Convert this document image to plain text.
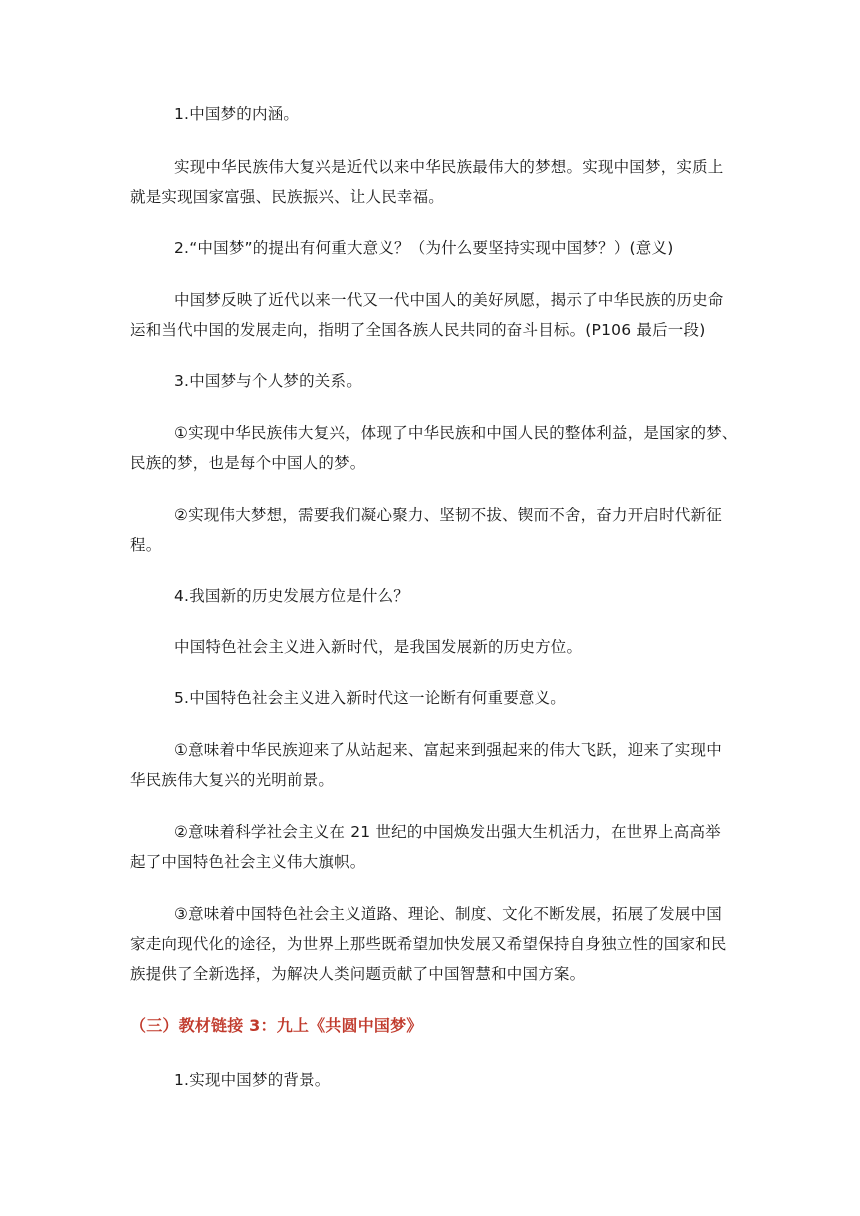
1.中国梦的内涵。
实现中华民族伟大复兴是近代以来中华民族最伟大的梦想。实现中国梦，实质上
就是实现国家富强、民族振兴、让人民幸福。
2.“中国梦”的提出有何重大意义？（为什么要坚持实现中国梦？）(意义)
中国梦反映了近代以来一代又一代中国人的美好夙愿，揭示了中华民族的历史命
运和当代中国的发展走向，指明了全国各族人民共同的奋斗目标。(P106 最后一段)
3.中国梦与个人梦的关系。
①实现中华民族伟大复兴，体现了中华民族和中国人民的整体利益，是国家的梦、
民族的梦，也是每个中国人的梦。
②实现伟大梦想，需要我们凝心聚力、坚韧不拔、锲而不舍，奋力开启时代新征
程。
4.我国新的历史发展方位是什么？
中国特色社会主义进入新时代，是我国发展新的历史方位。
5.中国特色社会主义进入新时代这一论断有何重要意义。
①意味着中华民族迎来了从站起来、富起来到强起来的伟大飞跃，迎来了实现中
华民族伟大复兴的光明前景。
②意味着科学社会主义在 21 世纪的中国焕发出强大生机活力，在世界上高高举
起了中国特色社会主义伟大旗帜。
③意味着中国特色社会主义道路、理论、制度、文化不断发展，拓展了发展中国
家走向现代化的途径，为世界上那些既希望加快发展又希望保持自身独立性的国家和民
族提供了全新选择，为解决人类问题贡献了中国智慧和中国方案。
（三）教材链接 3：九上《共圆中国梦》
1.实现中国梦的背景。
